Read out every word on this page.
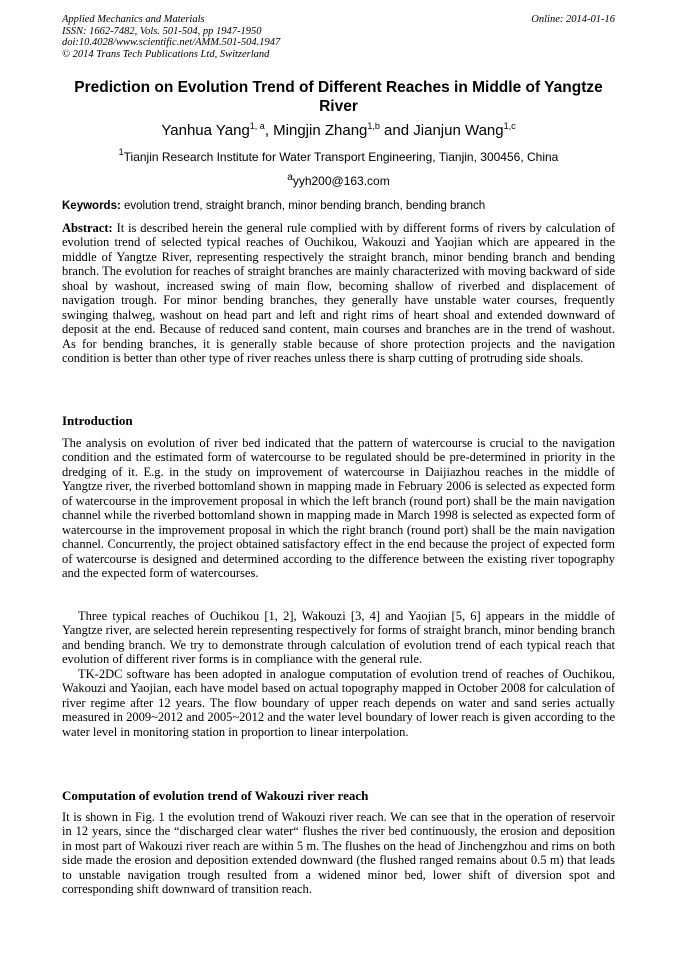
Applied Mechanics and Materials
ISSN: 1662-7482, Vols. 501-504, pp 1947-1950
doi:10.4028/www.scientific.net/AMM.501-504.1947
© 2014 Trans Tech Publications Ltd, Switzerland
Online: 2014-01-16
Prediction on Evolution Trend of Different Reaches in Middle of Yangtze River
Yanhua Yang$^{1, a}$, Mingjin Zhang$^{1,b}$ and Jianjun Wang$^{1,c}$
$^1$Tianjin Research Institute for Water Transport Engineering, Tianjin, 300456, China
$^a$yyh200@163.com
Keywords: evolution trend, straight branch, minor bending branch, bending branch

Abstract: It is described herein the general rule complied with by different forms of rivers by calculation of evolution trend of selected typical reaches of Ouchikou, Wakouzi and Yaojian which are appeared in the middle of Yangtze River, representing respectively the straight branch, minor bending branch and bending branch. The evolution for reaches of straight branches are mainly characterized with moving backward of side shoal by washout, increased swing of main flow, becoming shallow of riverbed and displacement of navigation trough. For minor bending branches, they generally have unstable water courses, frequently swinging thalweg, washout on head part and left and right rims of heart shoal and extended downward of deposit at the end. Because of reduced sand content, main courses and branches are in the trend of washout. As for bending branches, it is generally stable because of shore protection projects and the navigation condition is better than other type of river reaches unless there is sharp cutting of protruding side shoals.

Introduction

The analysis on evolution of river bed indicated that the pattern of watercourse is crucial to the navigation condition and the estimated form of watercourse to be regulated should be pre-determined in priority in the dredging of it. E.g. in the study on improvement of watercourse in Daijiazhou reaches in the middle of Yangtze river, the riverbed bottomland shown in mapping made in February 2006 is selected as expected form of watercourse in the improvement proposal in which the left branch (round port) shall be the main navigation channel while the riverbed bottomland shown in mapping made in March 1998 is selected as expected form of watercourse in the improvement proposal in which the right branch (round port) shall be the main navigation channel. Concurrently, the project obtained satisfactory effect in the end because the project of expected form of watercourse is designed and determined according to the difference between the existing river topography and the expected form of watercourses.

Three typical reaches of Ouchikou [1, 2], Wakouzi [3, 4] and Yaojian [5, 6] appears in the middle of Yangtze river, are selected herein representing respectively for forms of straight branch, minor bending branch and bending branch. We try to demonstrate through calculation of evolution trend of each typical reach that evolution of different river forms is in compliance with the general rule.

TK-2DC software has been adopted in analogue computation of evolution trend of reaches of Ouchikou, Wakouzi and Yaojian, each have model based on actual topography mapped in October 2008 for calculation of river regime after 12 years. The flow boundary of upper reach depends on water and sand series actually measured in 2009~2012 and 2005~2012 and the water level boundary of lower reach is given according to the water level in monitoring station in proportion to linear interpolation.

Computation of evolution trend of Wakouzi river reach

It is shown in Fig. 1 the evolution trend of Wakouzi river reach. We can see that in the operation of reservoir in 12 years, since the “discharged clear water“ flushes the river bed continuously, the erosion and deposition in most part of Wakouzi river reach are within 5 m. The flushes on the head of Jinchengzhou and rims on both side made the erosion and deposition extended downward (the flushed ranged remains about 0.5 m) that leads to unstable navigation trough resulted from a widened minor bed, lower shift of diversion spot and corresponding shift downward of transition reach.
